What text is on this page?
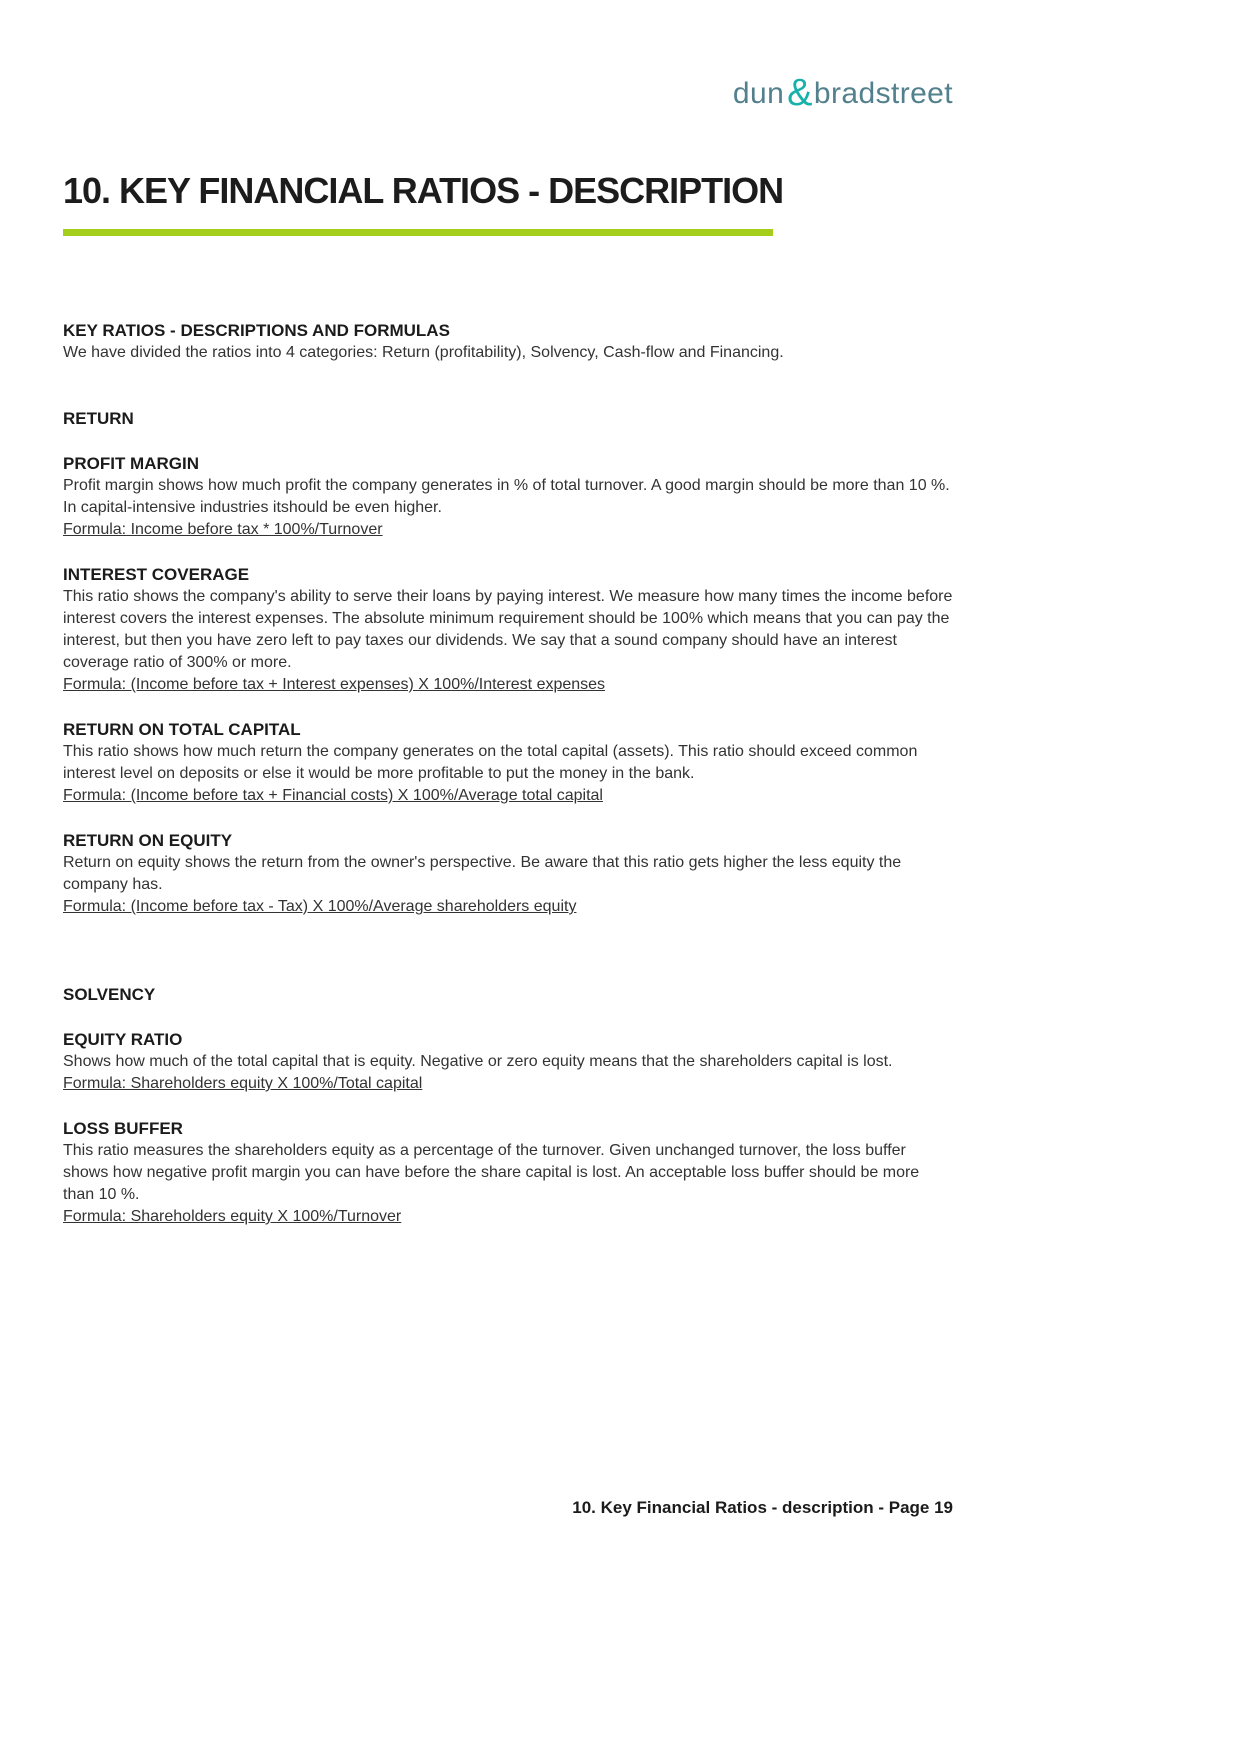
dun & bradstreet
10. KEY FINANCIAL RATIOS - DESCRIPTION
KEY RATIOS - DESCRIPTIONS AND FORMULAS

We have divided the ratios into 4 categories: Return (profitability), Solvency, Cash-flow and Financing.

RETURN
PROFIT MARGIN

Profit margin shows how much profit the company generates in % of total turnover. A good margin should be more than 10 %. In capital-intensive industries itshould be even higher.

Formula: Income before tax * 100%/Turnover

INTEREST COVERAGE

This ratio shows the company's ability to serve their loans by paying interest. We measure how many times the income before interest covers the interest expenses. The absolute minimum requirement should be 100% which means that you can pay the interest, but then you have zero left to pay taxes our dividends. We say that a sound company should have an interest coverage ratio of 300% or more.

Formula: (Income before tax + Interest expenses) X 100%/Interest expenses

RETURN ON TOTAL CAPITAL

This ratio shows how much return the company generates on the total capital (assets). This ratio should exceed common interest level on deposits or else it would be more profitable to put the money in the bank.

Formula: (Income before tax + Financial costs) X 100%/Average total capital

RETURN ON EQUITY

Return on equity shows the return from the owner's perspective. Be aware that this ratio gets higher the less equity the company has.

Formula: (Income before tax - Tax) X 100%/Average shareholders equity

SOLVENCY
EQUITY RATIO

Shows how much of the total capital that is equity. Negative or zero equity means that the shareholders capital is lost.

Formula: Shareholders equity X 100%/Total capital

LOSS BUFFER

This ratio measures the shareholders equity as a percentage of the turnover. Given unchanged turnover, the loss buffer shows how negative profit margin you can have before the share capital is lost. An acceptable loss buffer should be more than 10 %.

Formula: Shareholders equity X 100%/Turnover

10. Key Financial Ratios - description - Page 19
